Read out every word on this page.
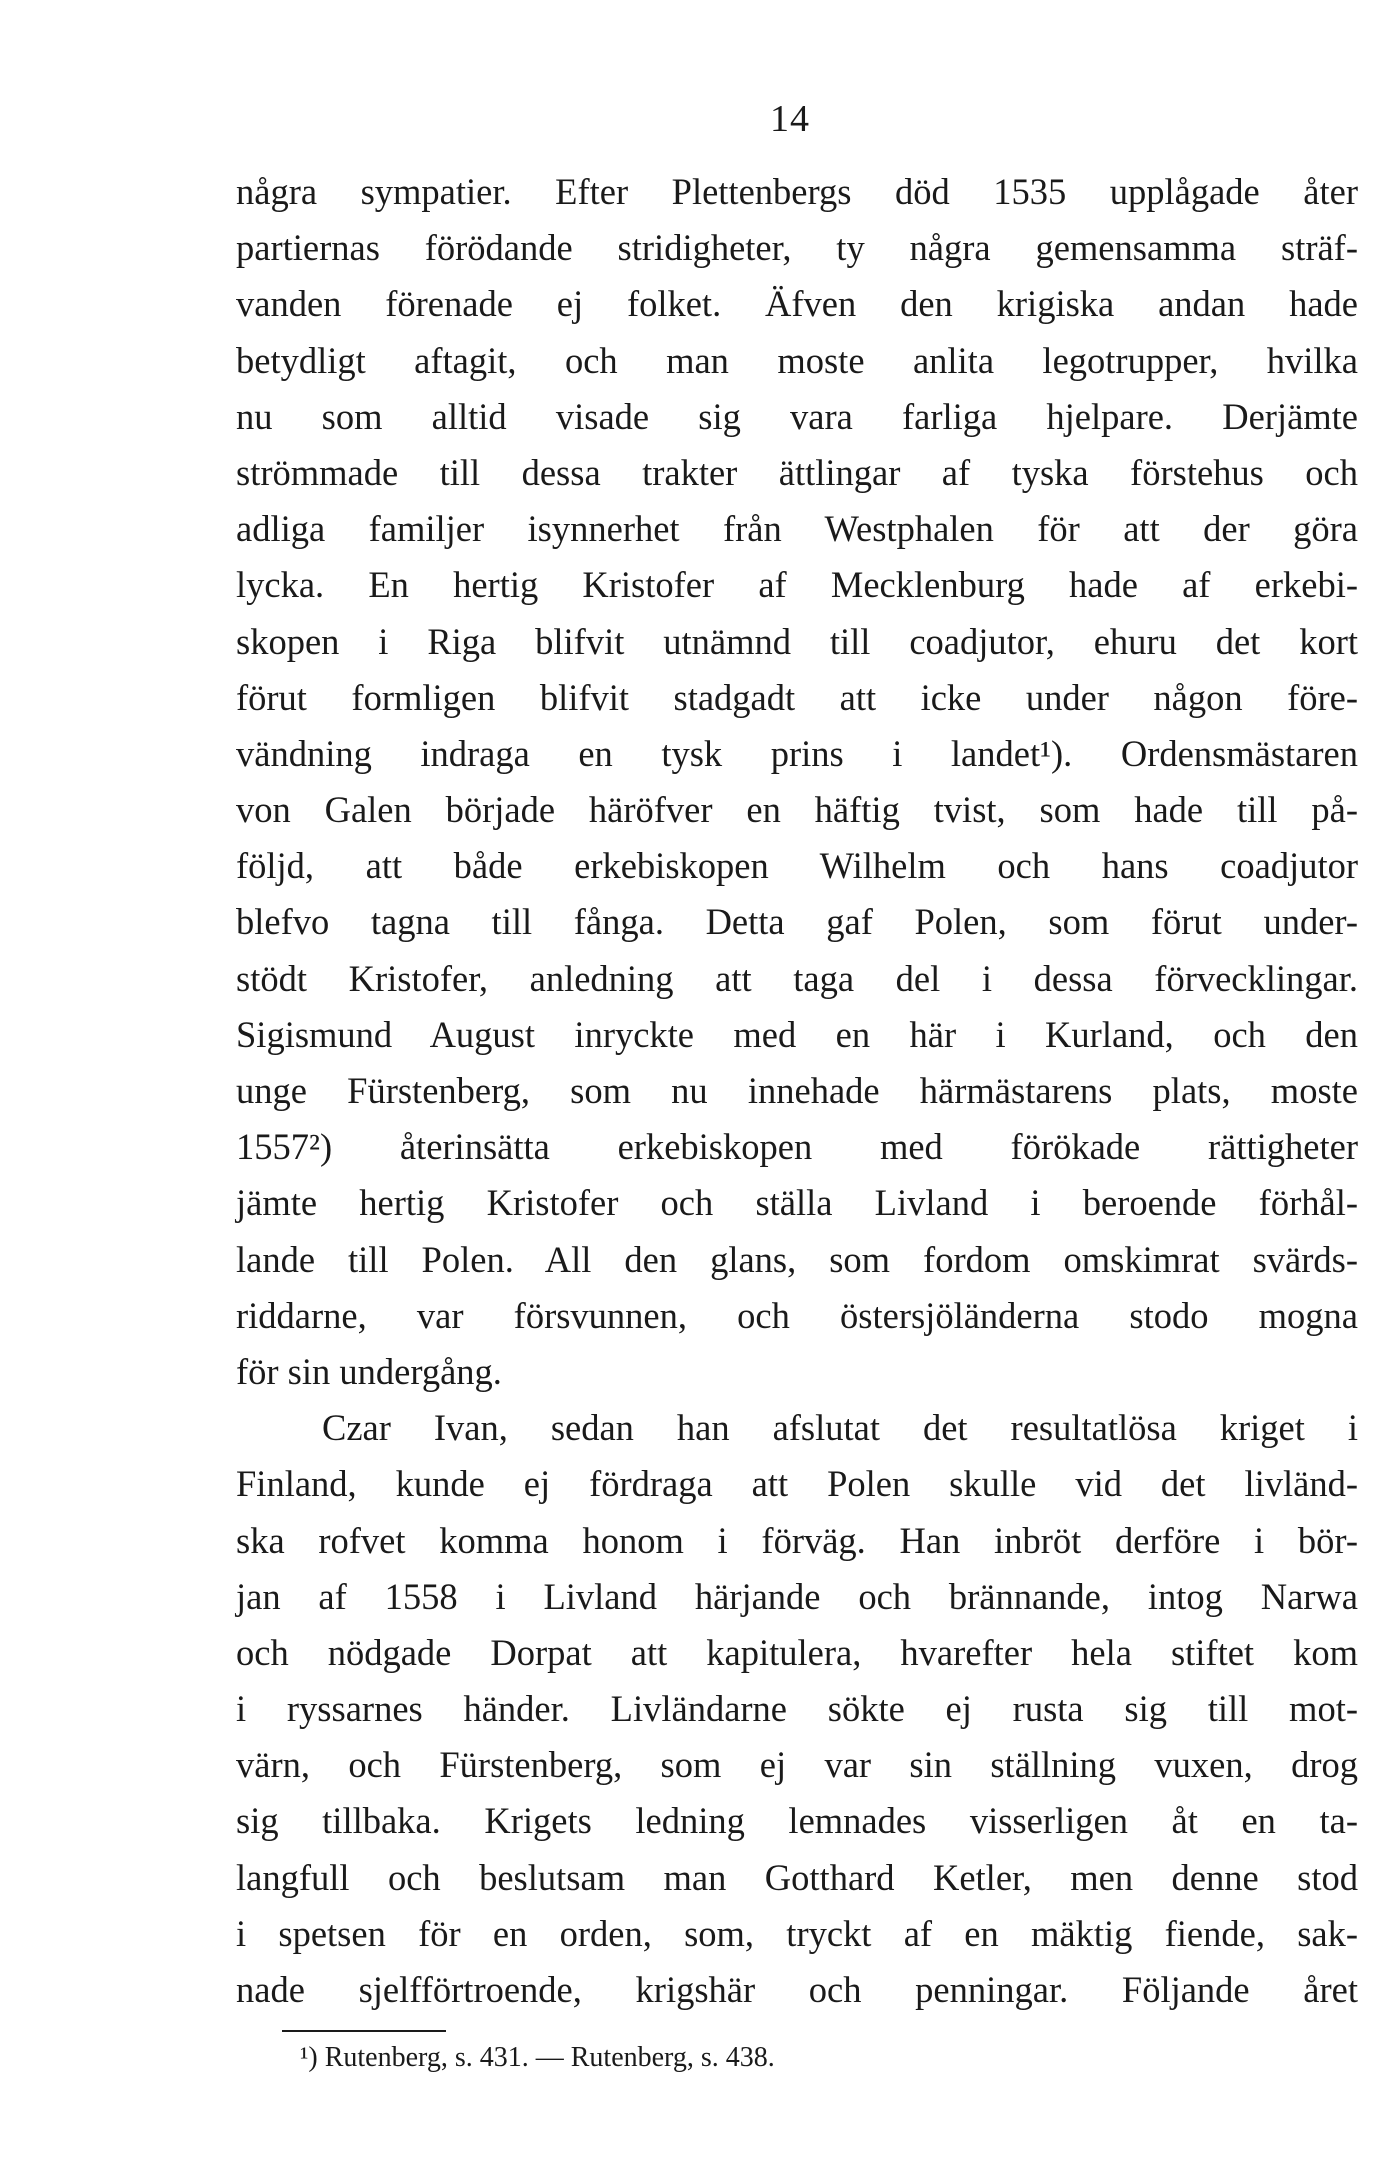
14
några sympatier. Efter Plettenbergs död 1535 upplågade åter
partiernas förödande stridigheter, ty några gemensamma sträf-
vanden förenade ej folket. Äfven den krigiska andan hade
betydligt aftagit, och man moste anlita legotrupper, hvilka
nu som alltid visade sig vara farliga hjelpare. Derjämte
strömmade till dessa trakter ättlingar af tyska förstehus och
adliga familjer isynnerhet från Westphalen för att der göra
lycka. En hertig Kristofer af Mecklenburg hade af erkebi-
skopen i Riga blifvit utnämnd till coadjutor, ehuru det kort
förut formligen blifvit stadgadt att icke under någon före-
vändning indraga en tysk prins i landet¹). Ordensmästaren
von Galen började häröfver en häftig tvist, som hade till på-
följd, att både erkebiskopen Wilhelm och hans coadjutor
blefvo tagna till fånga. Detta gaf Polen, som förut under-
stödt Kristofer, anledning att taga del i dessa förvecklingar.
Sigismund August inryckte med en här i Kurland, och den
unge Fürstenberg, som nu innehade härmästarens plats, moste
1557²) återinsätta erkebiskopen med förökade rättigheter
jämte hertig Kristofer och ställa Livland i beroende förhål-
lande till Polen. All den glans, som fordom omskimrat svärds-
riddarne, var försvunnen, och östersjöländerna stodo mogna
för sin undergång.
Czar Ivan, sedan han afslutat det resultatlösa kriget i
Finland, kunde ej fördraga att Polen skulle vid det livländ-
ska rofvet komma honom i förväg. Han inbröt derföre i bör-
jan af 1558 i Livland härjande och brännande, intog Narwa
och nödgade Dorpat att kapitulera, hvarefter hela stiftet kom
i ryssarnes händer. Livländarne sökte ej rusta sig till mot-
värn, och Fürstenberg, som ej var sin ställning vuxen, drog
sig tillbaka. Krigets ledning lemnades visserligen åt en ta-
langfull och beslutsam man Gotthard Ketler, men denne stod
i spetsen för en orden, som, tryckt af en mäktig fiende, sak-
nade sjelfförtroende, krigshär och penningar. Följande året
¹) Rutenberg, s. 431. — Rutenberg, s. 438.
